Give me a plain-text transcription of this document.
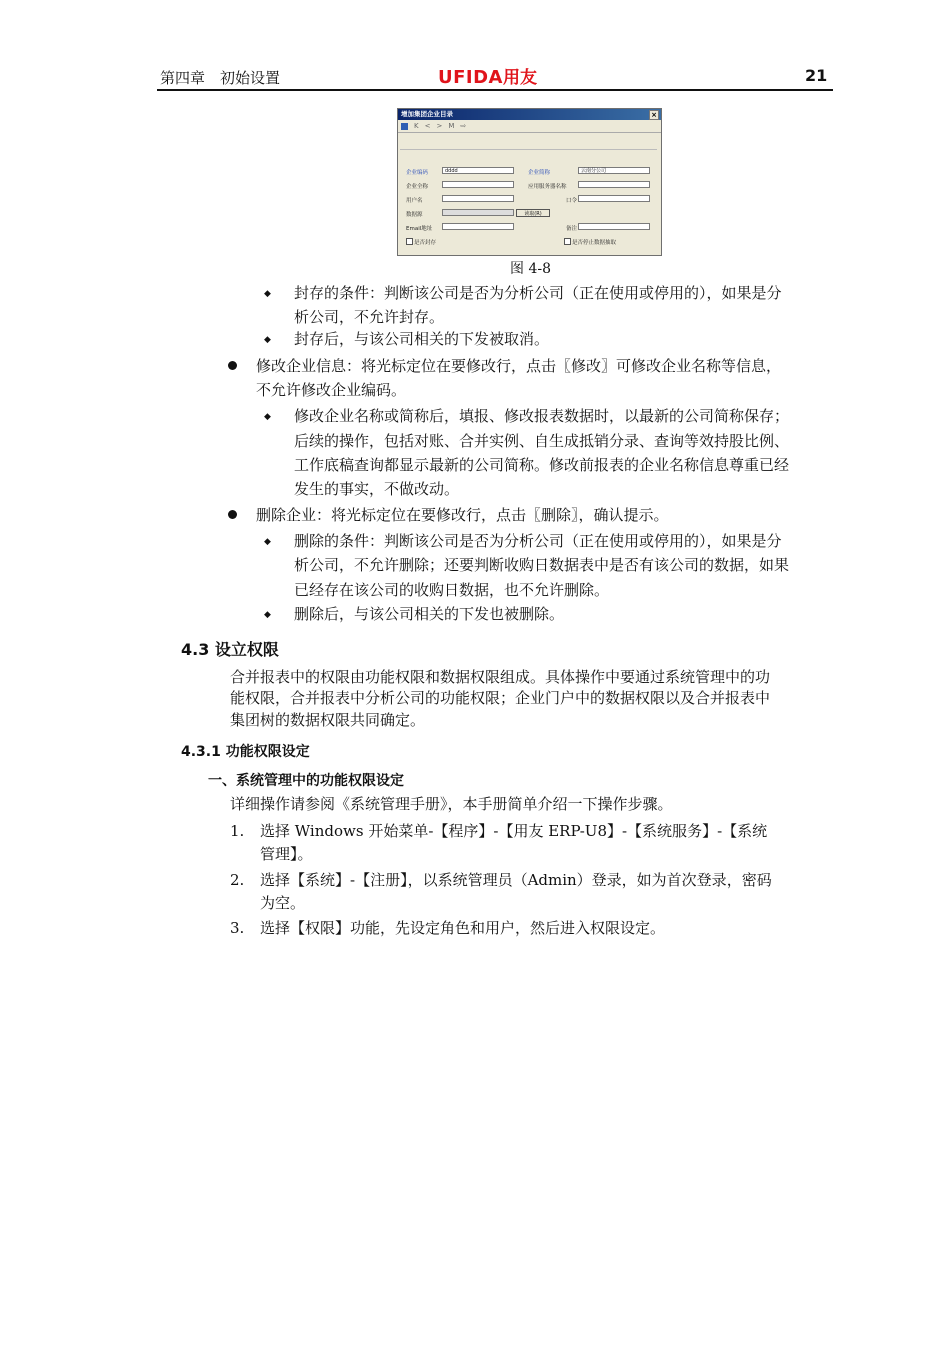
第四章　初始设置	UFIDA用友	21
增加集团企业目录	×
K < > M ⇨
企业编码	dddd	企业简称	云南分公司
企业全称	应用服务器名称
用户名	口令
数据源	读取(R)
Email地址	备注
是否封存	是否停止数据抽取
图 4-8
◆ 封存的条件：判断该公司是否为分析公司（正在使用或停用的），如果是分
析公司，不允许封存。
◆ 封存后，与该公司相关的下发被取消。
修改企业信息：将光标定位在要修改行，点击〖修改〗可修改企业名称等信息，
不允许修改企业编码。
◆ 修改企业名称或简称后，填报、修改报表数据时，以最新的公司简称保存；
后续的操作，包括对账、合并实例、自生成抵销分录、查询等效持股比例、
工作底稿查询都显示最新的公司简称。修改前报表的企业名称信息尊重已经
发生的事实，不做改动。
删除企业：将光标定位在要修改行，点击〖删除〗，确认提示。
◆ 删除的条件：判断该公司是否为分析公司（正在使用或停用的），如果是分
析公司，不允许删除；还要判断收购日数据表中是否有该公司的数据，如果
已经存在该公司的收购日数据，也不允许删除。
◆ 删除后，与该公司相关的下发也被删除。
4.3 设立权限
合并报表中的权限由功能权限和数据权限组成。具体操作中要通过系统管理中的功
能权限，合并报表中分析公司的功能权限；企业门户中的数据权限以及合并报表中
集团树的数据权限共同确定。
4.3.1 功能权限设定
一、系统管理中的功能权限设定
详细操作请参阅《系统管理手册》，本手册简单介绍一下操作步骤。
1. 选择 Windows 开始菜单-【程序】-【用友 ERP-U8】-【系统服务】-【系统
管理】。
2. 选择【系统】-【注册】，以系统管理员（Admin）登录，如为首次登录，密码
为空。
3. 选择【权限】功能，先设定角色和用户，然后进入权限设定。
